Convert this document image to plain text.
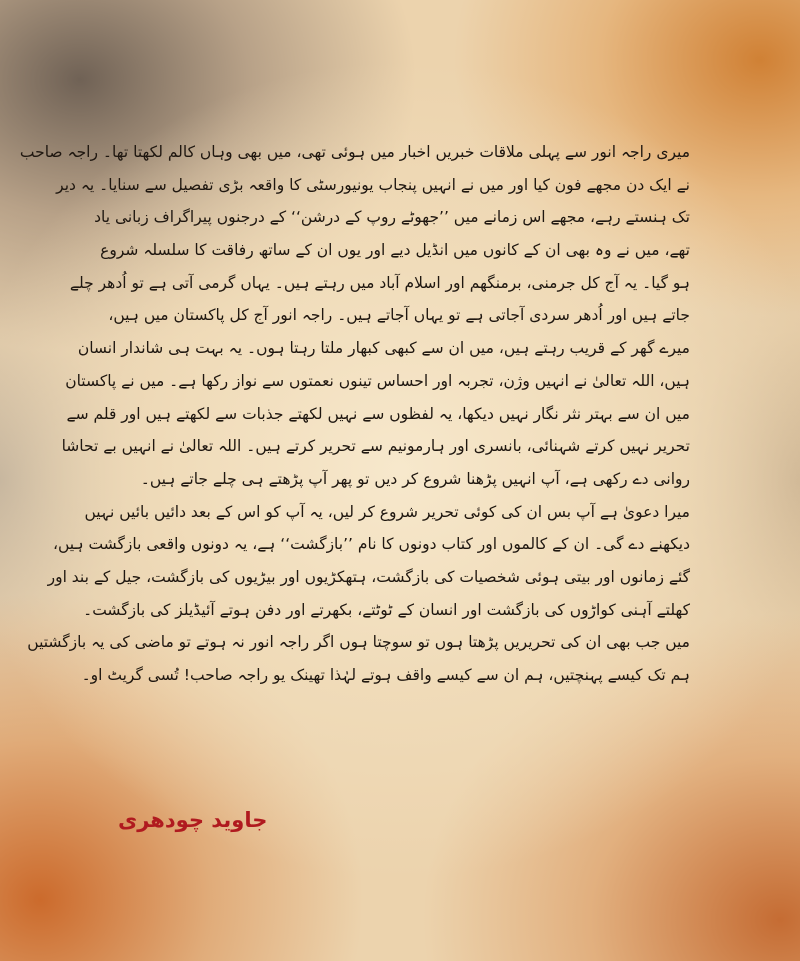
میری راجہ انور سے پہلی ملاقات خبریں اخبار میں ہوئی تھی، میں بھی وہاں کالم لکھتا تھا۔ راجہ صاحب
نے ایک دن مجھے فون کیا اور میں نے انہیں پنجاب یونیورسٹی کا واقعہ بڑی تفصیل سے سنایا۔ یہ دیر
تک ہنستے رہے، مجھے اس زمانے میں ’’جھوٹے روپ کے درشن‘‘ کے درجنوں پیراگراف زبانی یاد
تھے، میں نے وہ بھی ان کے کانوں میں انڈیل دیے اور یوں ان کے ساتھ رفاقت کا سلسلہ شروع
ہو گیا۔ یہ آج کل جرمنی، برمنگھم اور اسلام آباد میں رہتے ہیں۔ یہاں گرمی آتی ہے تو اُدھر چلے
جاتے ہیں اور اُدھر سردی آجاتی ہے تو یہاں آجاتے ہیں۔ راجہ انور آج کل پاکستان میں ہیں،
میرے گھر کے قریب رہتے ہیں، میں ان سے کبھی کبھار ملتا رہتا ہوں۔ یہ بہت ہی شاندار انسان
ہیں، اللہ تعالیٰ نے انہیں وژن، تجربہ اور احساس تینوں نعمتوں سے نواز رکھا ہے۔ میں نے پاکستان
میں ان سے بہتر نثر نگار نہیں دیکھا، یہ لفظوں سے نہیں لکھتے جذبات سے لکھتے ہیں اور قلم سے
تحریر نہیں کرتے شہنائی، بانسری اور ہارمونیم سے تحریر کرتے ہیں۔ اللہ تعالیٰ نے انہیں بے تحاشا
روانی دے رکھی ہے، آپ انہیں پڑھنا شروع کر دیں تو پھر آپ پڑھتے ہی چلے جاتے ہیں۔
میرا دعویٰ ہے آپ بس ان کی کوئی تحریر شروع کر لیں، یہ آپ کو اس کے بعد دائیں بائیں نہیں
دیکھنے دے گی۔ ان کے کالموں اور کتاب دونوں کا نام ’’بازگشت‘‘ ہے، یہ دونوں واقعی بازگشت ہیں،
گئے زمانوں اور بیتی ہوئی شخصیات کی بازگشت، ہتھکڑیوں اور بیڑیوں کی بازگشت، جیل کے بند اور
کھلتے آہنی کواڑوں کی بازگشت اور انسان کے ٹوٹتے، بکھرتے اور دفن ہوتے آئیڈیلز کی بازگشت۔
میں جب بھی ان کی تحریریں پڑھتا ہوں تو سوچتا ہوں اگر راجہ انور نہ ہوتے تو ماضی کی یہ بازگشتیں
ہم تک کیسے پہنچتیں، ہم ان سے کیسے واقف ہوتے لہٰذا تھینک یو راجہ صاحب! تُسی گریٹ او۔
جاوید چودھری
